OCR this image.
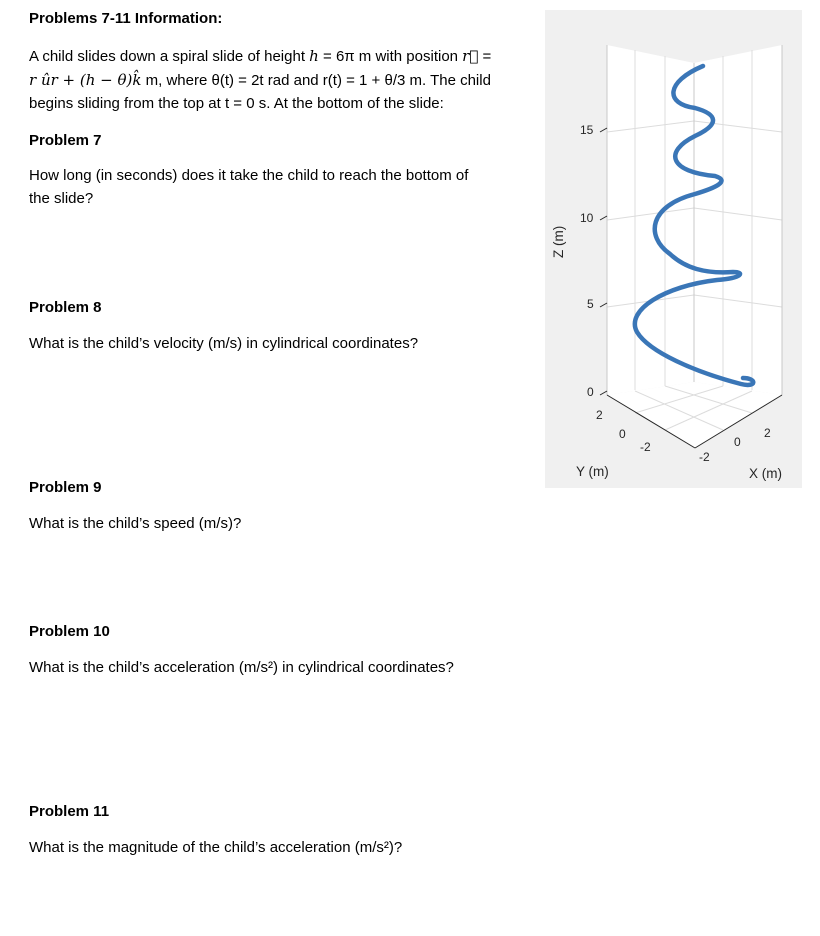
Problems 7-11 Information:
A child slides down a spiral slide of height h = 6π m with position r⃗ =
r ûr + (h − θ)k̂ m, where θ(t) = 2t rad and r(t) = 1 + θ/3 m. The child
begins sliding from the top at t = 0 s. At the bottom of the slide:
Problem 7
How long (in seconds) does it take the child to reach the bottom of
the slide?
Problem 8
What is the child’s velocity (m/s) in cylindrical coordinates?
Problem 9
What is the child’s speed (m/s)?
Problem 10
What is the child’s acceleration (m/s²) in cylindrical coordinates?
Problem 11
What is the magnitude of the child’s acceleration (m/s²)?
15
10
5
0
Z (m)
2
0
-2
Y (m)
-2
0
2
X (m)
